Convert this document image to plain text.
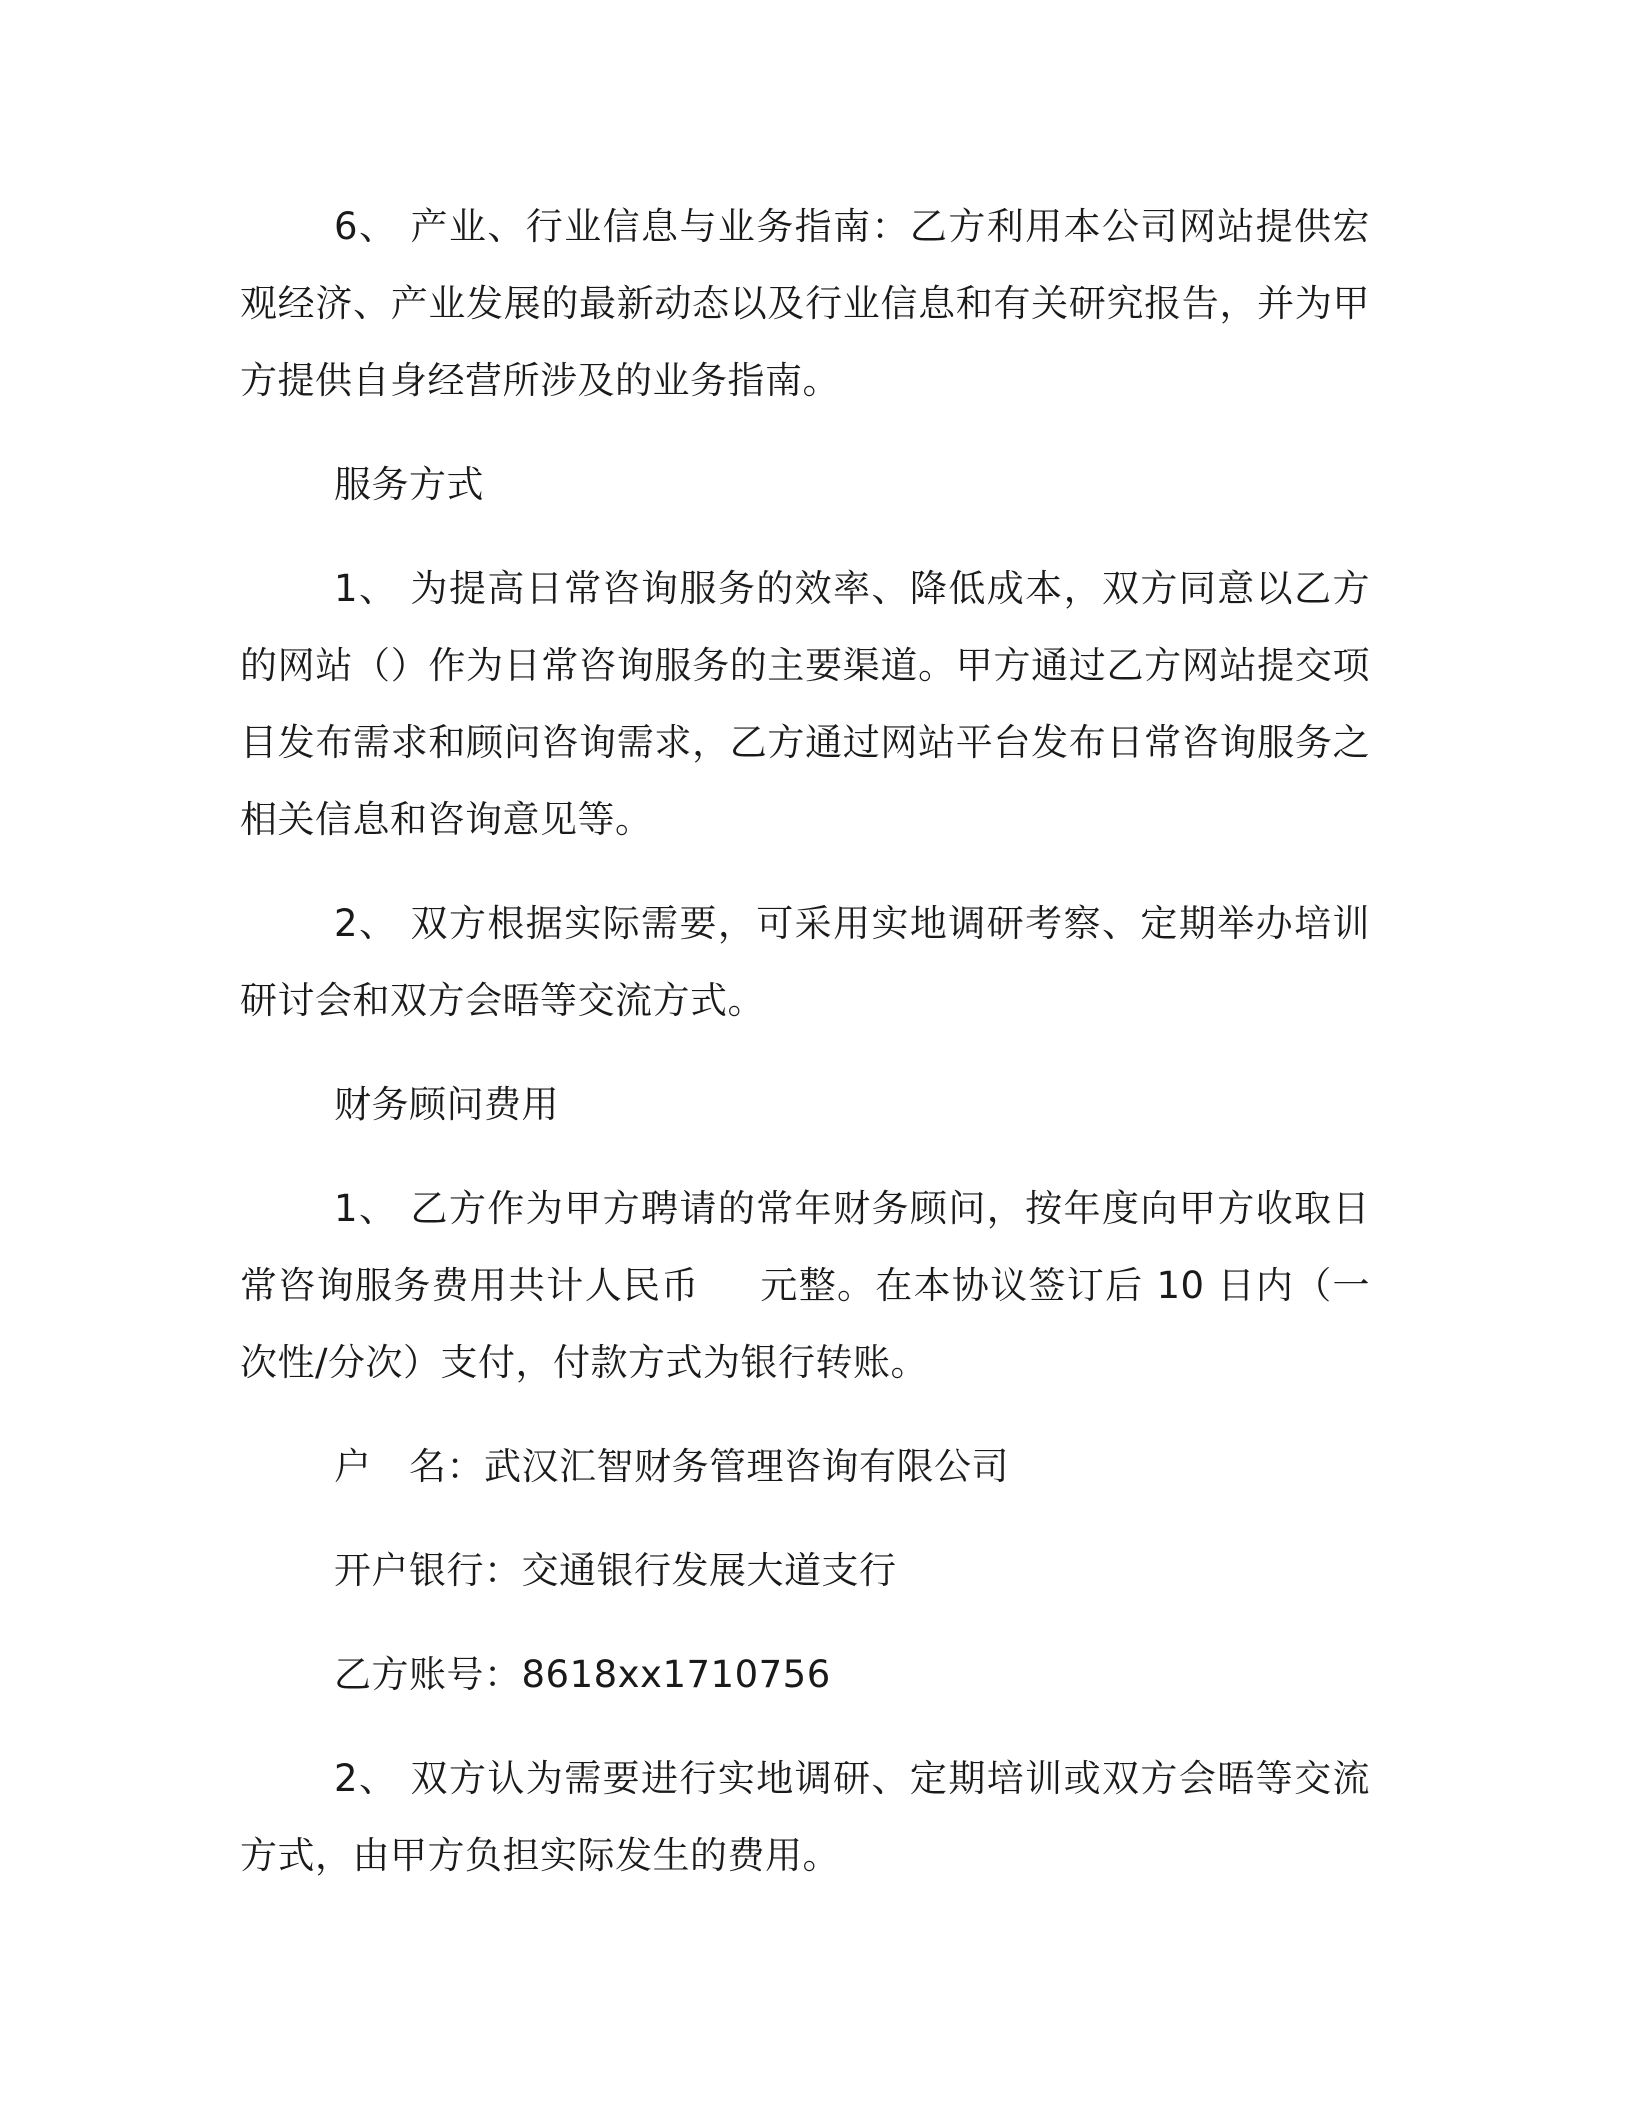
6、 产业、行业信息与业务指南：乙方利用本公司网站提供宏观经济、产业发展的最新动态以及行业信息和有关研究报告，并为甲方提供自身经营所涉及的业务指南。

服务方式

1、 为提高日常咨询服务的效率、降低成本，双方同意以乙方的网站（）作为日常咨询服务的主要渠道。甲方通过乙方网站提交项目发布需求和顾问咨询需求，乙方通过网站平台发布日常咨询服务之相关信息和咨询意见等。

2、 双方根据实际需要，可采用实地调研考察、定期举办培训研讨会和双方会晤等交流方式。

财务顾问费用

1、 乙方作为甲方聘请的常年财务顾问，按年度向甲方收取日常咨询服务费用共计人民币 元整。在本协议签订后 10 日内（一次性/分次）支付，付款方式为银行转账。

户　名：武汉汇智财务管理咨询有限公司

开户银行：交通银行发展大道支行

乙方账号：8618xx1710756

2、 双方认为需要进行实地调研、定期培训或双方会晤等交流方式，由甲方负担实际发生的费用。
